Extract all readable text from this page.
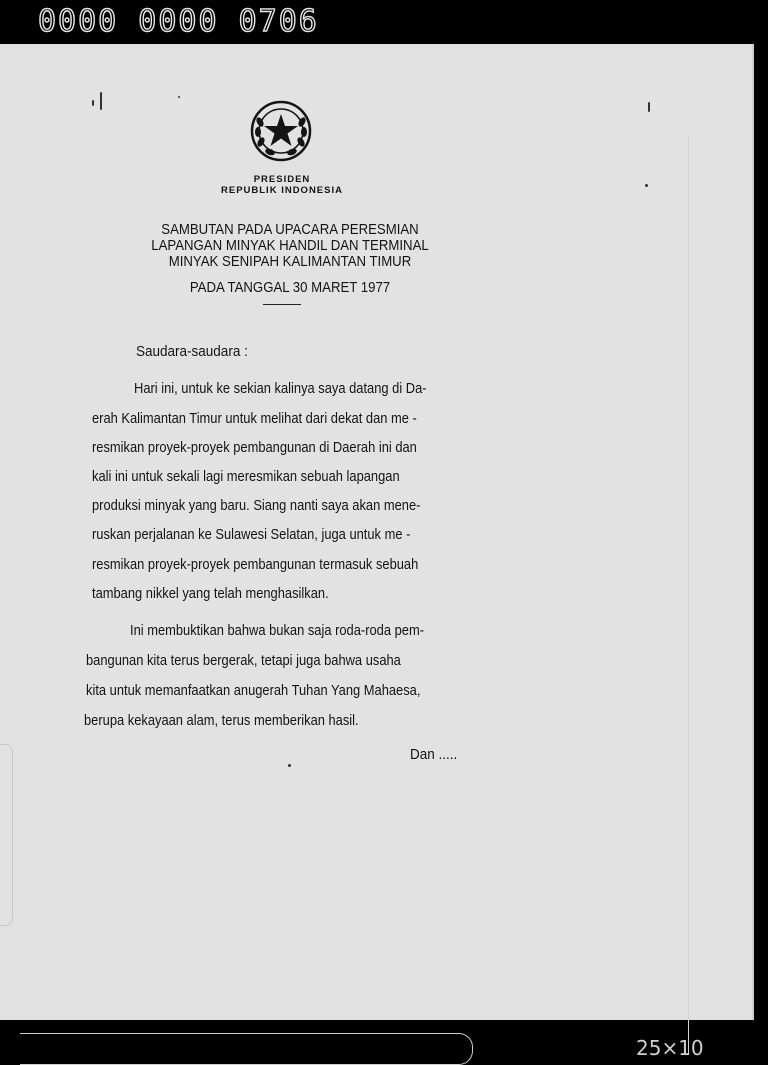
0000 0000 0706
25×10
PRESIDEN
REPUBLIK INDONESIA
SAMBUTAN PADA UPACARA PERESMIAN
LAPANGAN MINYAK HANDIL DAN TERMINAL
MINYAK SENIPAH KALIMANTAN TIMUR
PADA TANGGAL 30 MARET 1977
Saudara-saudara :
Hari ini, untuk ke sekian kalinya saya datang di Da-
erah Kalimantan Timur untuk melihat dari dekat dan me -
resmikan proyek-proyek pembangunan di Daerah ini dan
kali ini untuk sekali lagi meresmikan sebuah lapangan
produksi minyak yang baru. Siang nanti saya akan mene-
ruskan perjalanan ke Sulawesi Selatan, juga untuk me -
resmikan proyek-proyek pembangunan termasuk sebuah
tambang nikkel yang telah menghasilkan.
Ini membuktikan bahwa bukan saja roda-roda pem-
bangunan kita terus bergerak, tetapi juga bahwa usaha
kita untuk memanfaatkan anugerah Tuhan Yang Mahaesa,
berupa kekayaan alam, terus memberikan hasil.
Dan .....
